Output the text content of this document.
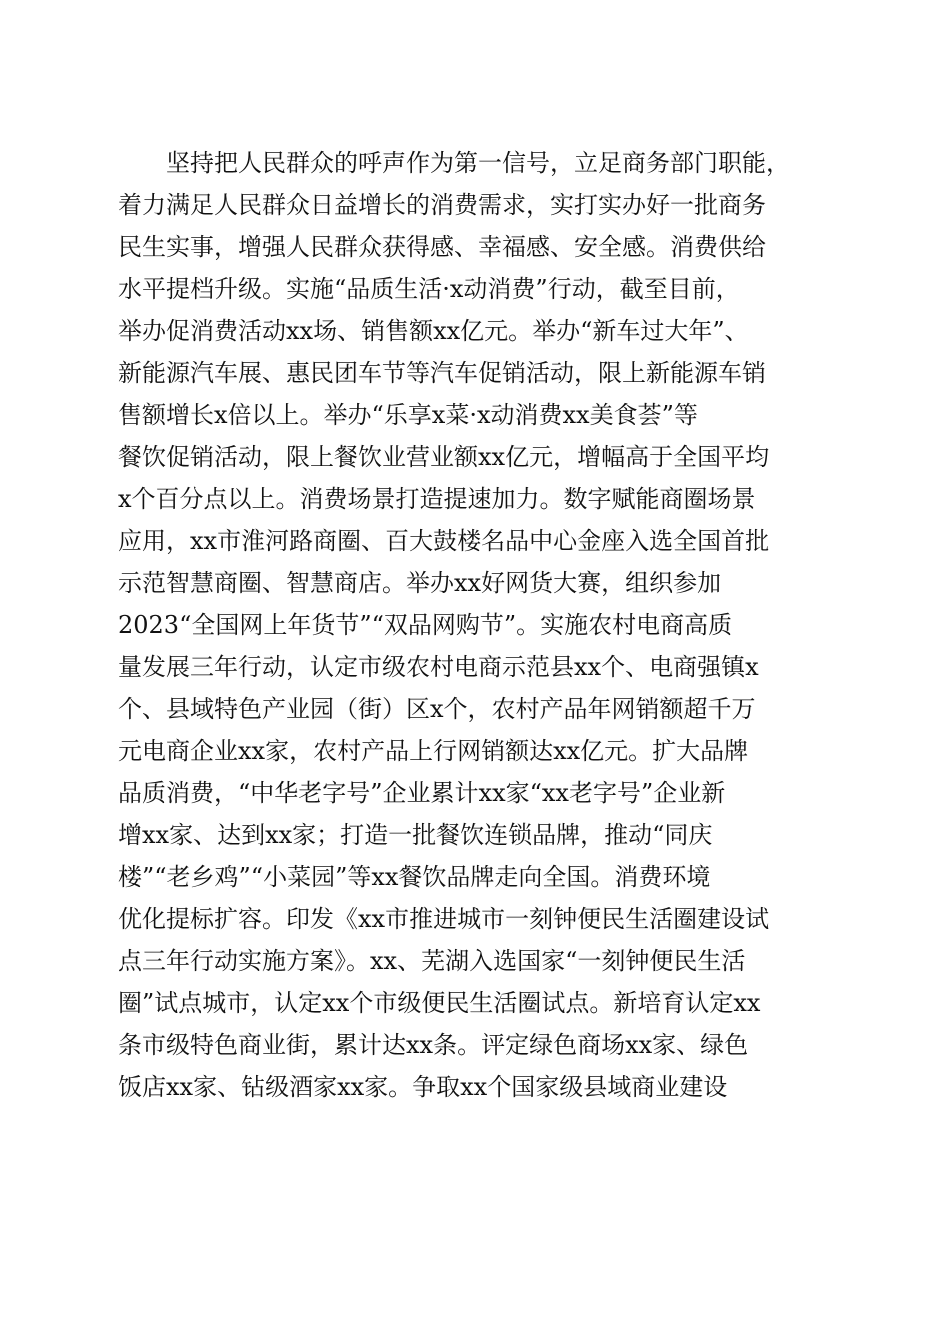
　　坚持把人民群众的呼声作为第一信号，立足商务部门职能，
着力满足人民群众日益增长的消费需求，实打实办好一批商务
民生实事，增强人民群众获得感、幸福感、安全感。消费供给
水平提档升级。实施“品质生活·x动消费”行动，截至目前，
举办促消费活动xx场、销售额xx亿元。举办“新车过大年”、
新能源汽车展、惠民团车节等汽车促销活动，限上新能源车销
售额增长x倍以上。举办“乐享x菜·x动消费xx美食荟”等
餐饮促销活动，限上餐饮业营业额xx亿元，增幅高于全国平均
x个百分点以上。消费场景打造提速加力。数字赋能商圈场景
应用，xx市淮河路商圈、百大鼓楼名品中心金座入选全国首批
示范智慧商圈、智慧商店。举办xx好网货大赛，组织参加
2023“全国网上年货节”“双品网购节”。实施农村电商高质
量发展三年行动，认定市级农村电商示范县xx个、电商强镇x
个、县域特色产业园（街）区x个，农村产品年网销额超千万
元电商企业xx家，农村产品上行网销额达xx亿元。扩大品牌
品质消费，“中华老字号”企业累计xx家“xx老字号”企业新
增xx家、达到xx家；打造一批餐饮连锁品牌，推动“同庆
楼”“老乡鸡”“小菜园”等xx餐饮品牌走向全国。消费环境
优化提标扩容。印发《xx市推进城市一刻钟便民生活圈建设试
点三年行动实施方案》。xx、芜湖入选国家“一刻钟便民生活
圈”试点城市，认定xx个市级便民生活圈试点。新培育认定xx
条市级特色商业街，累计达xx条。评定绿色商场xx家、绿色
饭店xx家、钻级酒家xx家。争取xx个国家级县域商业建设
